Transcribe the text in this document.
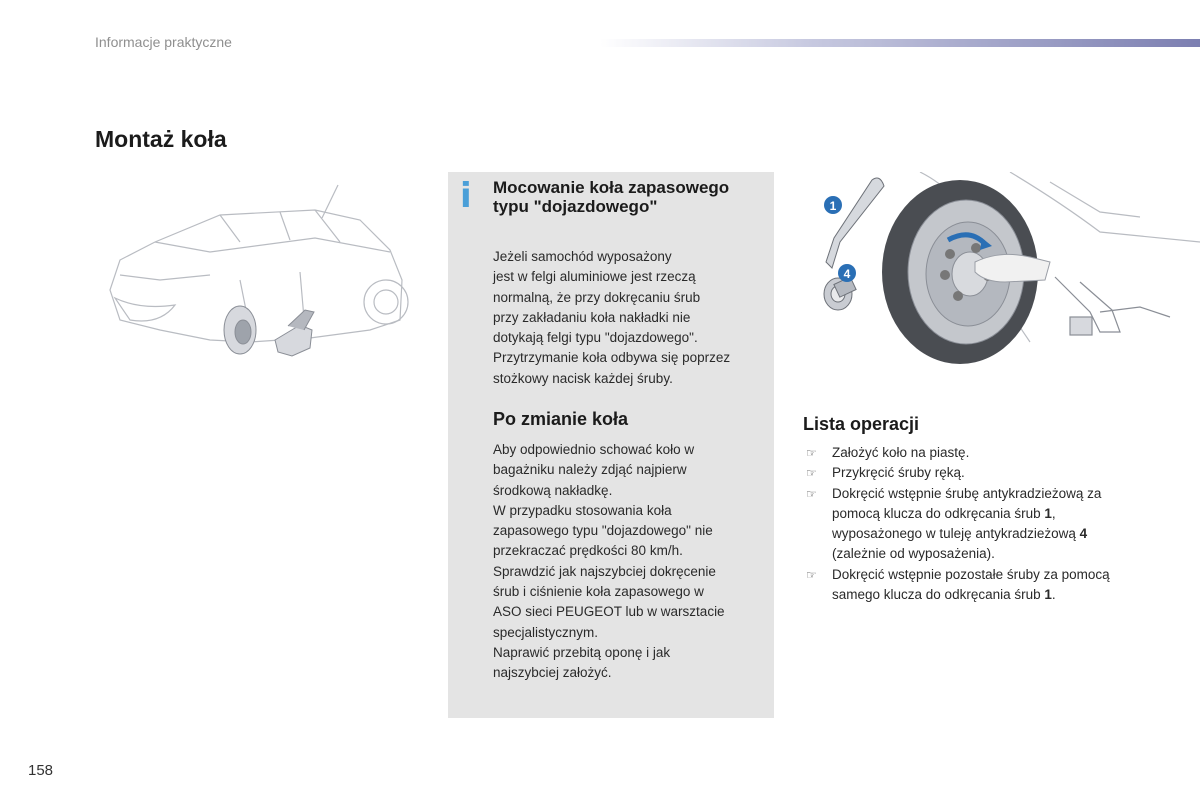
Informacje praktyczne
Montaż koła
i Mocowanie koła zapasowego typu "dojazdowego"
Jeżeli samochód wyposażony
jest w felgi aluminiowe jest rzeczą
normalną, że przy dokręcaniu śrub
przy zakładaniu koła nakładki nie
dotykają felgi typu "dojazdowego".
Przytrzymanie koła odbywa się poprzez
stożkowy nacisk każdej śruby.
Po zmianie koła
Aby odpowiednio schować koło w
bagażniku należy zdjąć najpierw
środkową nakładkę.
W przypadku stosowania koła
zapasowego typu "dojazdowego" nie
przekraczać prędkości 80 km/h.
Sprawdzić jak najszybciej dokręcenie
śrub i ciśnienie koła zapasowego w
ASO sieci PEUGEOT lub w warsztacie
specjalistycznym.
Naprawić przebitą oponę i jak
najszybciej założyć.
1
4
Lista operacji
☞ Założyć koło na piastę.
☞ Przykręcić śruby ręką.
☞ Dokręcić wstępnie śrubę antykradzieżową za pomocą klucza do odkręcania śrub 1, wyposażonego w tuleję antykradzieżową 4 (zależnie od wyposażenia).
☞ Dokręcić wstępnie pozostałe śruby za pomocą samego klucza do odkręcania śrub 1.
158
